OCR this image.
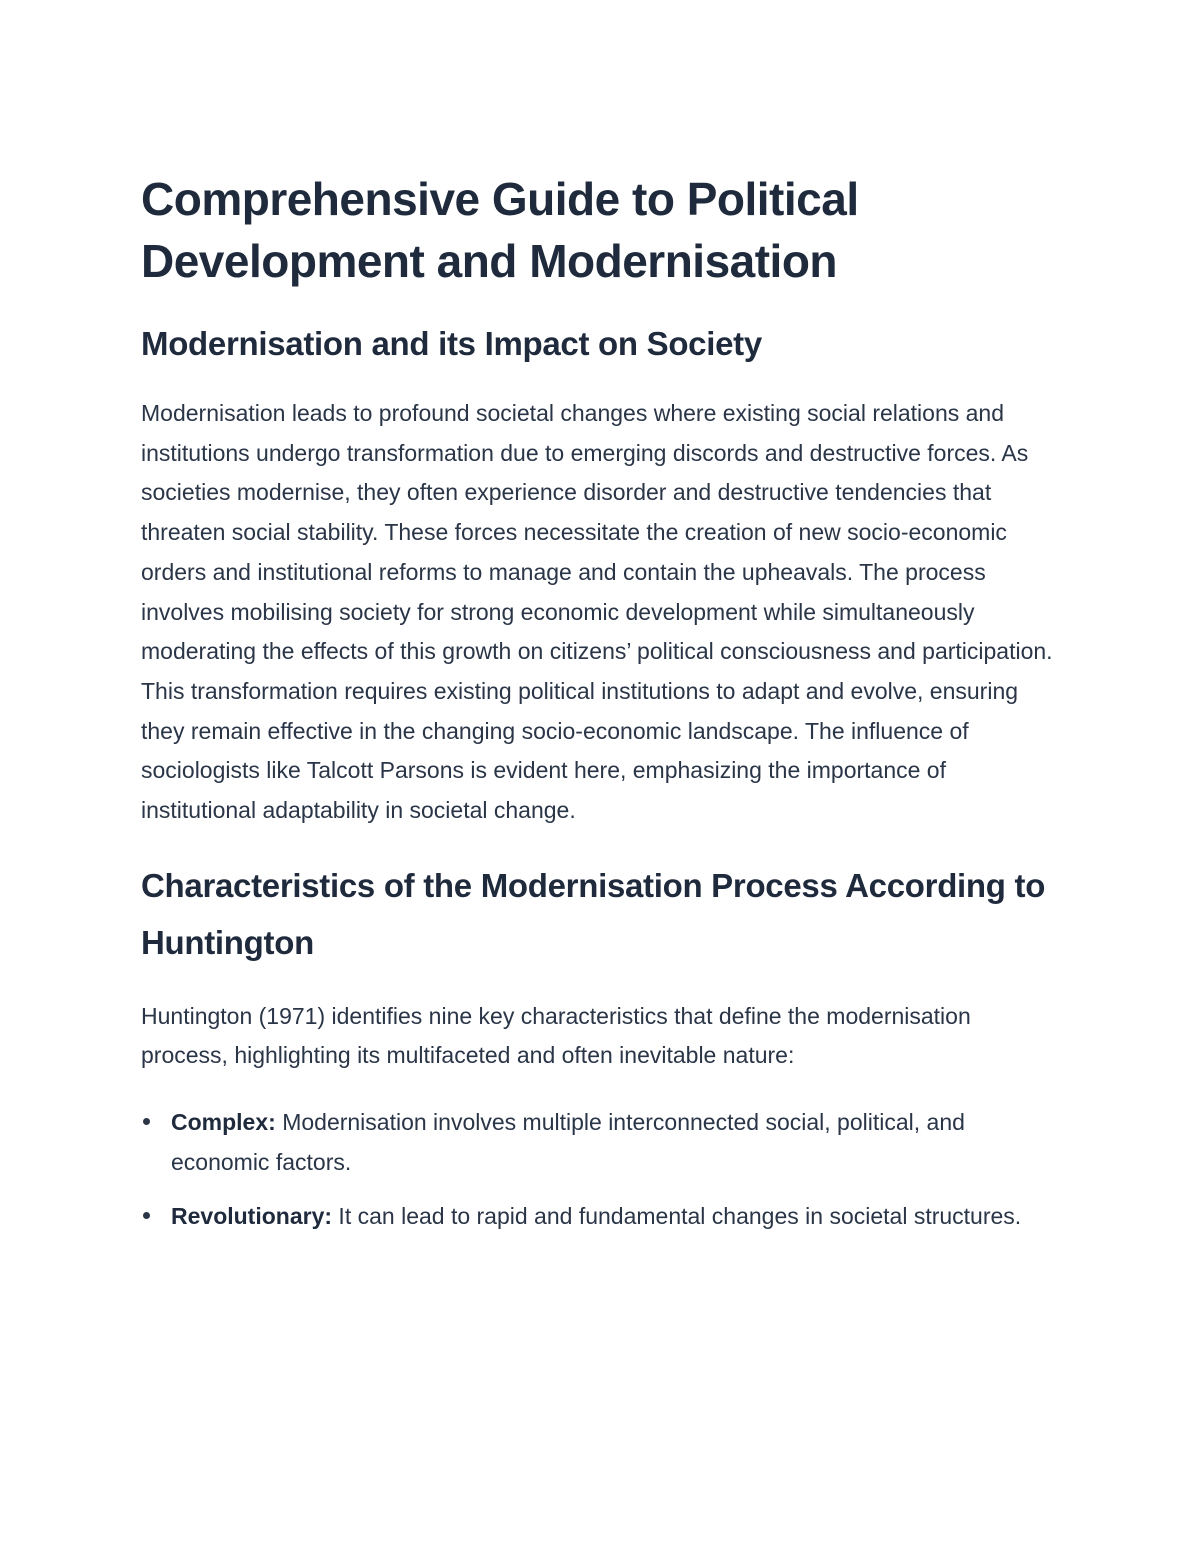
Comprehensive Guide to Political Development and Modernisation
Modernisation and its Impact on Society

Modernisation leads to profound societal changes where existing social relations and institutions undergo transformation due to emerging discords and destructive forces. As societies modernise, they often experience disorder and destructive tendencies that threaten social stability. These forces necessitate the creation of new socio-economic orders and institutional reforms to manage and contain the upheavals. The process involves mobilising society for strong economic development while simultaneously moderating the effects of this growth on citizens’ political consciousness and participation. This transformation requires existing political institutions to adapt and evolve, ensuring they remain effective in the changing socio-economic landscape. The influence of sociologists like Talcott Parsons is evident here, emphasizing the importance of institutional adaptability in societal change.

Characteristics of the Modernisation Process According to Huntington

Huntington (1971) identifies nine key characteristics that define the modernisation process, highlighting its multifaceted and often inevitable nature:

Complex: Modernisation involves multiple interconnected social, political, and economic factors.
Revolutionary: It can lead to rapid and fundamental changes in societal structures.
